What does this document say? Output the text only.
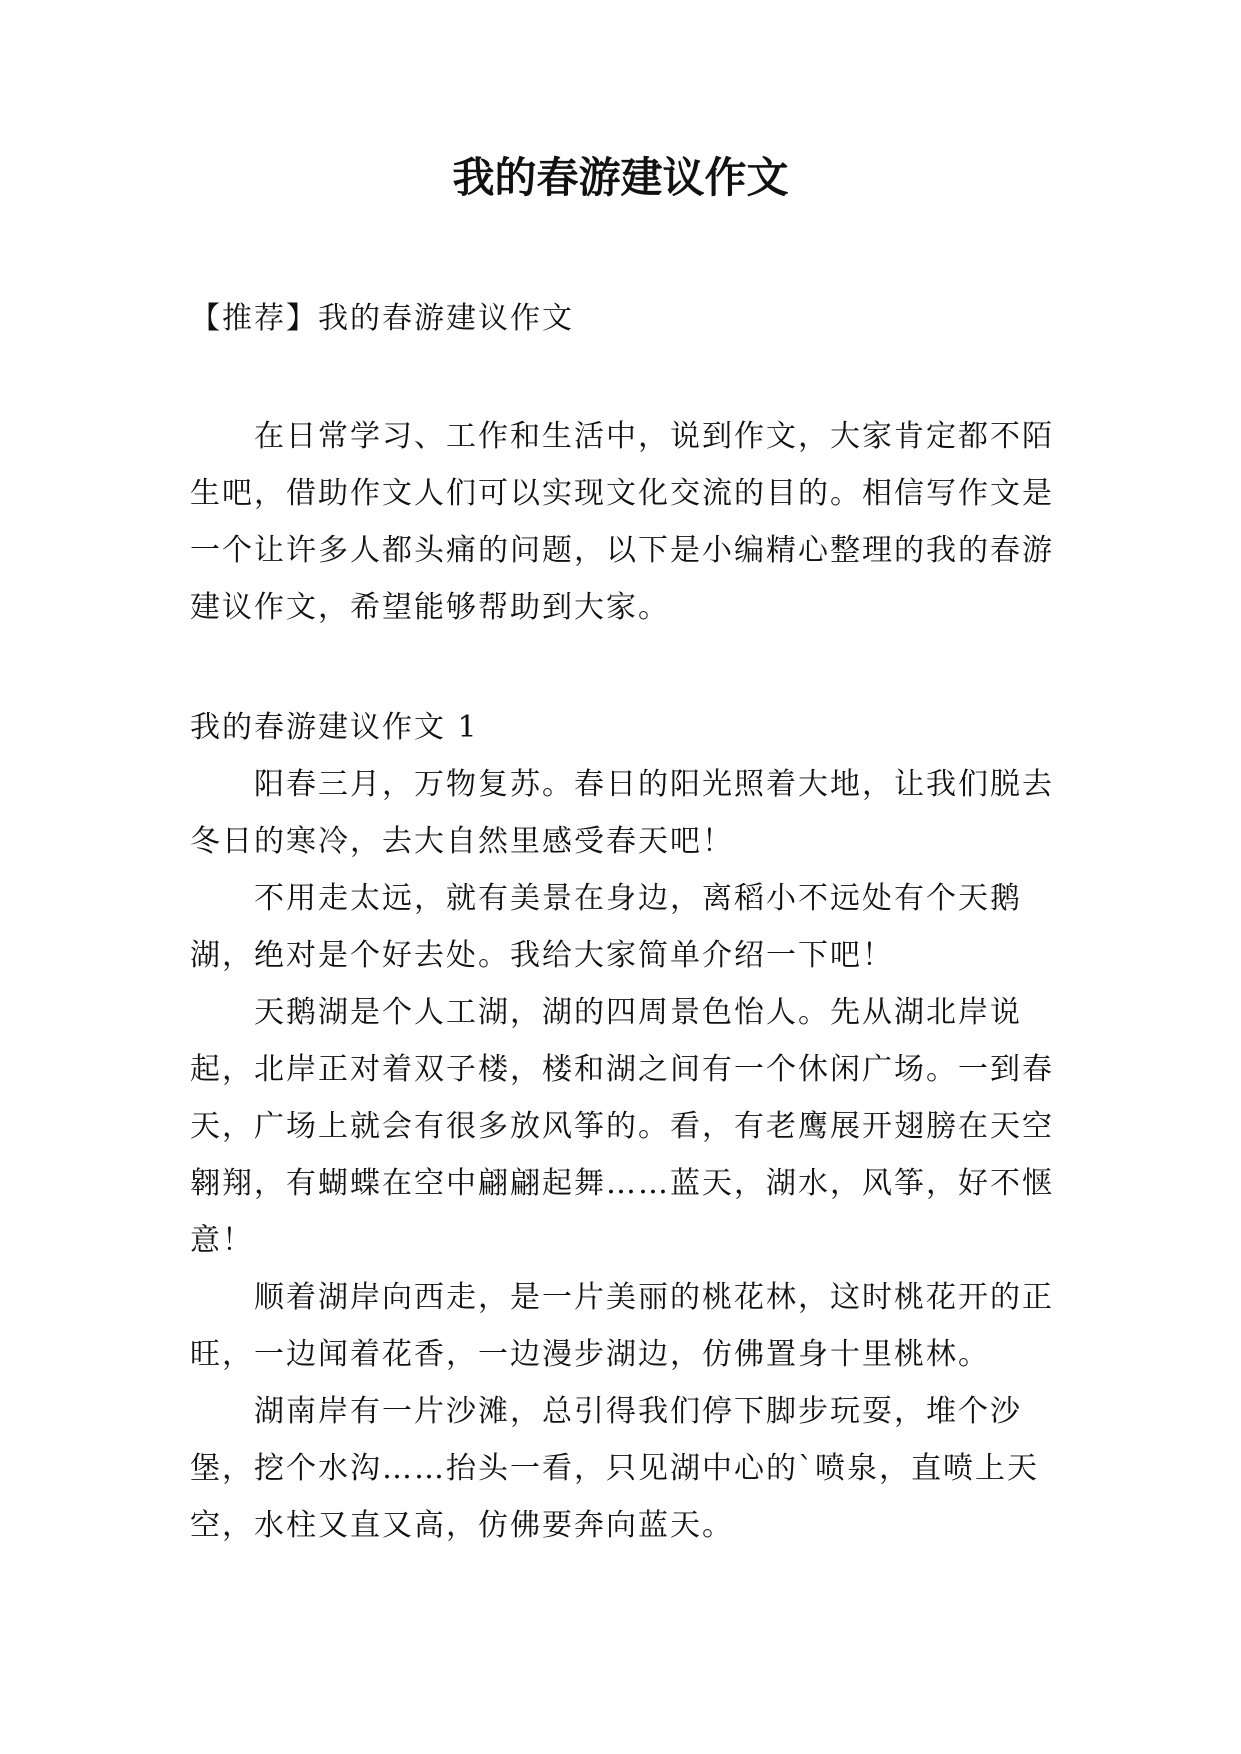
我的春游建议作文

【推荐】我的春游建议作文

在日常学习、工作和生活中，说到作文，大家肯定都不陌生吧，借助作文人们可以实现文化交流的目的。相信写作文是一个让许多人都头痛的问题，以下是小编精心整理的我的春游建议作文，希望能够帮助到大家。

我的春游建议作文 1

阳春三月，万物复苏。春日的阳光照着大地，让我们脱去冬日的寒冷，去大自然里感受春天吧！

不用走太远，就有美景在身边，离稻小不远处有个天鹅湖，绝对是个好去处。我给大家简单介绍一下吧！

天鹅湖是个人工湖，湖的四周景色怡人。先从湖北岸说起，北岸正对着双子楼，楼和湖之间有一个休闲广场。一到春天，广场上就会有很多放风筝的。看，有老鹰展开翅膀在天空翱翔，有蝴蝶在空中翩翩起舞……蓝天，湖水，风筝，好不惬意！

顺着湖岸向西走，是一片美丽的桃花林，这时桃花开的正旺，一边闻着花香，一边漫步湖边，仿佛置身十里桃林。

湖南岸有一片沙滩，总引得我们停下脚步玩耍，堆个沙堡，挖个水沟……抬头一看，只见湖中心的`喷泉，直喷上天空，水柱又直又高，仿佛要奔向蓝天。
